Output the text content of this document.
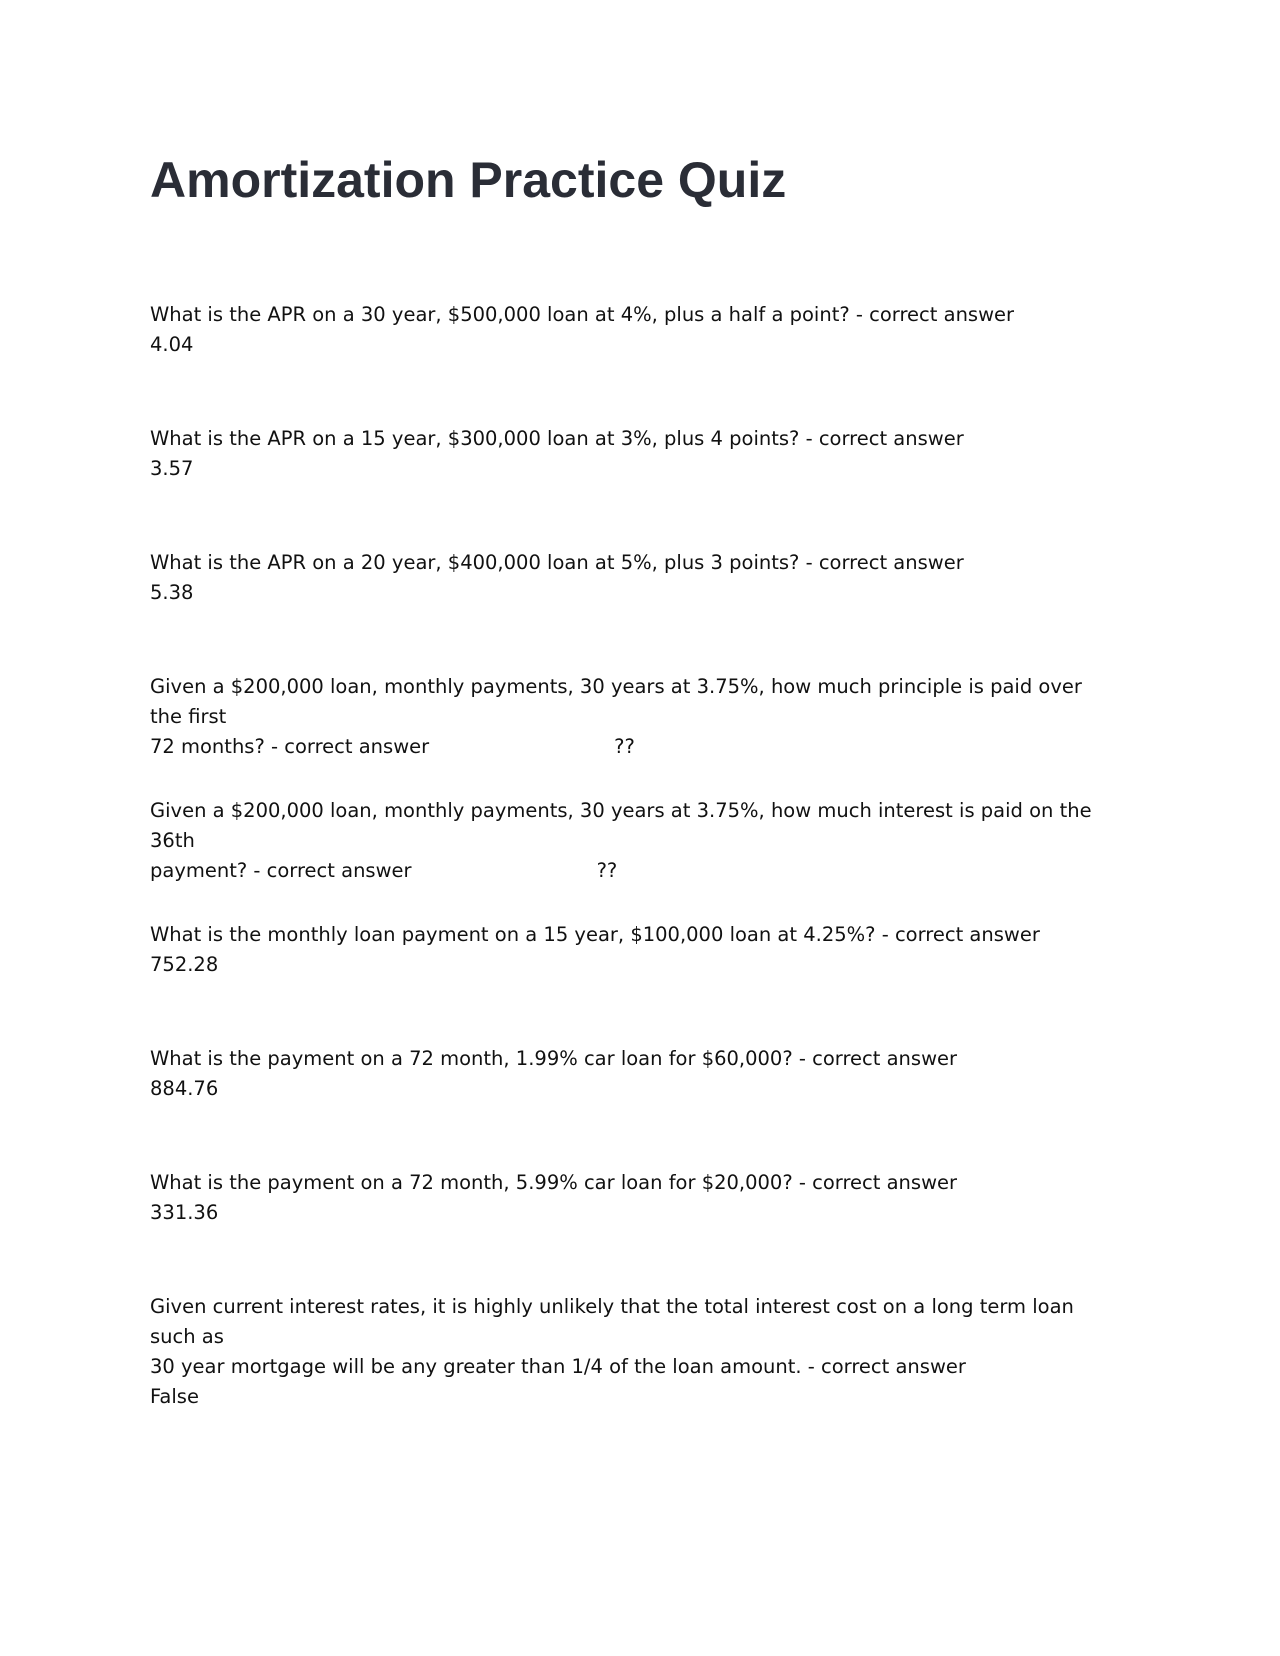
Amortization Practice Quiz
What is the APR on a 30 year, $500,000 loan at 4%, plus a half a point? - correct answer
4.04
What is the APR on a 15 year, $300,000 loan at 3%, plus 4 points? - correct answer
3.57
What is the APR on a 20 year, $400,000 loan at 5%, plus 3 points? - correct answer
5.38
Given a $200,000 loan, monthly payments, 30 years at 3.75%, how much principle is paid over the first
72 months? - correct answer	??
Given a $200,000 loan, monthly payments, 30 years at 3.75%, how much interest is paid on the 36th
payment? - correct answer	??
What is the monthly loan payment on a 15 year, $100,000 loan at 4.25%? - correct answer
752.28
What is the payment on a 72 month, 1.99% car loan for $60,000? - correct answer
884.76
What is the payment on a 72 month, 5.99% car loan for $20,000? - correct answer
331.36
Given current interest rates, it is highly unlikely that the total interest cost on a long term loan such as
30 year mortgage will be any greater than 1/4 of the loan amount. - correct answer
False
